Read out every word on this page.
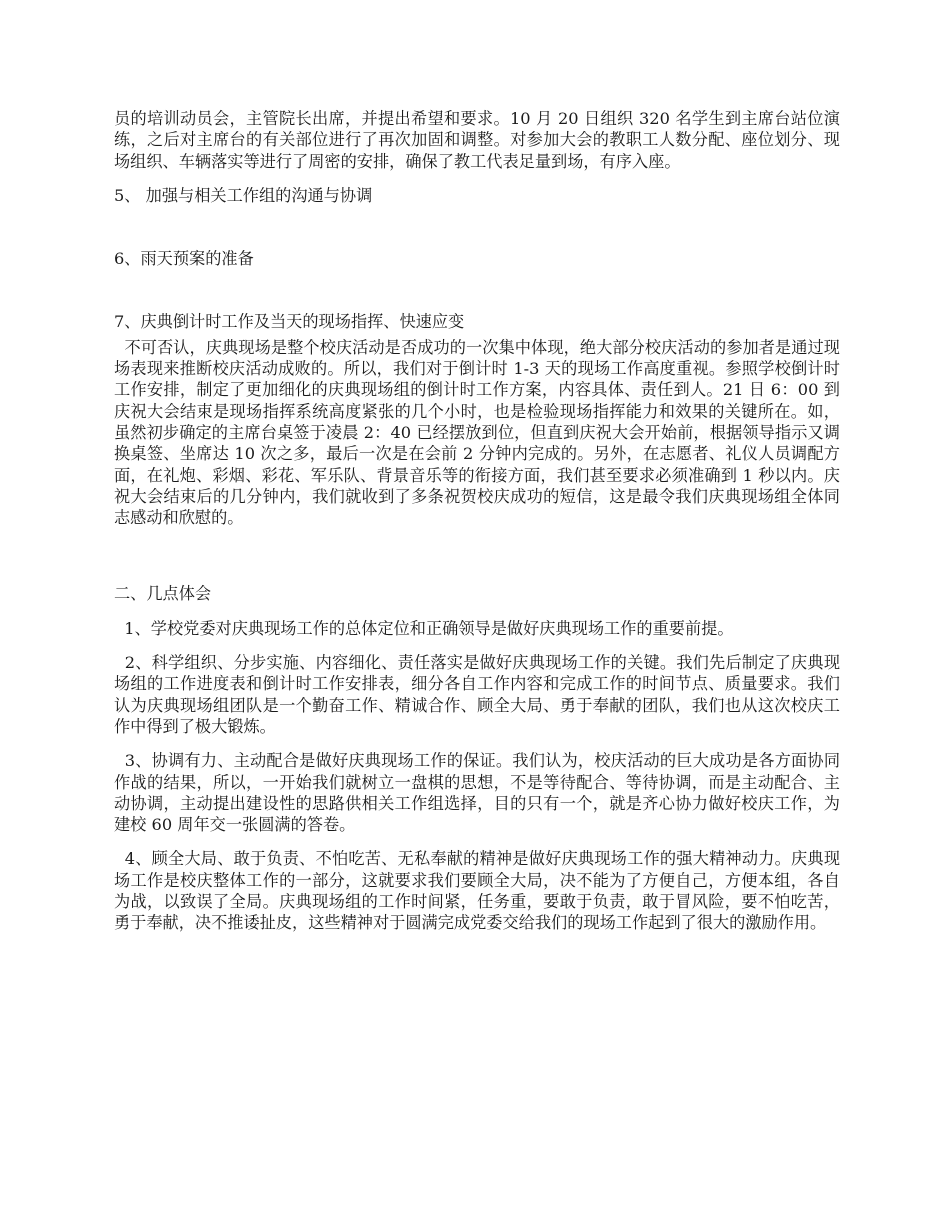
员的培训动员会，主管院长出席，并提出希望和要求。10 月 20 日组织 320 名学生到主席台站位演练，之后对主席台的有关部位进行了再次加固和调整。对参加大会的教职工人数分配、座位划分、现场组织、车辆落实等进行了周密的安排，确保了教工代表足量到场，有序入座。

5、 加强与相关工作组的沟通与协调

6、雨天预案的准备

7、庆典倒计时工作及当天的现场指挥、快速应变

不可否认，庆典现场是整个校庆活动是否成功的一次集中体现，绝大部分校庆活动的参加者是通过现场表现来推断校庆活动成败的。所以，我们对于倒计时 1-3 天的现场工作高度重视。参照学校倒计时工作安排，制定了更加细化的庆典现场组的倒计时工作方案，内容具体、责任到人。21 日 6：00 到庆祝大会结束是现场指挥系统高度紧张的几个小时，也是检验现场指挥能力和效果的关键所在。如，虽然初步确定的主席台桌签于凌晨 2：40 已经摆放到位，但直到庆祝大会开始前，根据领导指示又调换桌签、坐席达 10 次之多，最后一次是在会前 2 分钟内完成的。另外，在志愿者、礼仪人员调配方面，在礼炮、彩烟、彩花、军乐队、背景音乐等的衔接方面，我们甚至要求必须准确到 1 秒以内。庆祝大会结束后的几分钟内，我们就收到了多条祝贺校庆成功的短信，这是最令我们庆典现场组全体同志感动和欣慰的。

二、几点体会

1、学校党委对庆典现场工作的总体定位和正确领导是做好庆典现场工作的重要前提。

2、科学组织、分步实施、内容细化、责任落实是做好庆典现场工作的关键。我们先后制定了庆典现场组的工作进度表和倒计时工作安排表，细分各自工作内容和完成工作的时间节点、质量要求。我们认为庆典现场组团队是一个勤奋工作、精诚合作、顾全大局、勇于奉献的团队，我们也从这次校庆工作中得到了极大锻炼。

3、协调有力、主动配合是做好庆典现场工作的保证。我们认为，校庆活动的巨大成功是各方面协同作战的结果，所以，一开始我们就树立一盘棋的思想，不是等待配合、等待协调，而是主动配合、主动协调，主动提出建设性的思路供相关工作组选择，目的只有一个，就是齐心协力做好校庆工作，为建校 60 周年交一张圆满的答卷。

4、顾全大局、敢于负责、不怕吃苦、无私奉献的精神是做好庆典现场工作的强大精神动力。庆典现场工作是校庆整体工作的一部分，这就要求我们要顾全大局，决不能为了方便自己，方便本组，各自为战，以致误了全局。庆典现场组的工作时间紧，任务重，要敢于负责，敢于冒风险，要不怕吃苦，勇于奉献，决不推诿扯皮，这些精神对于圆满完成党委交给我们的现场工作起到了很大的激励作用。
